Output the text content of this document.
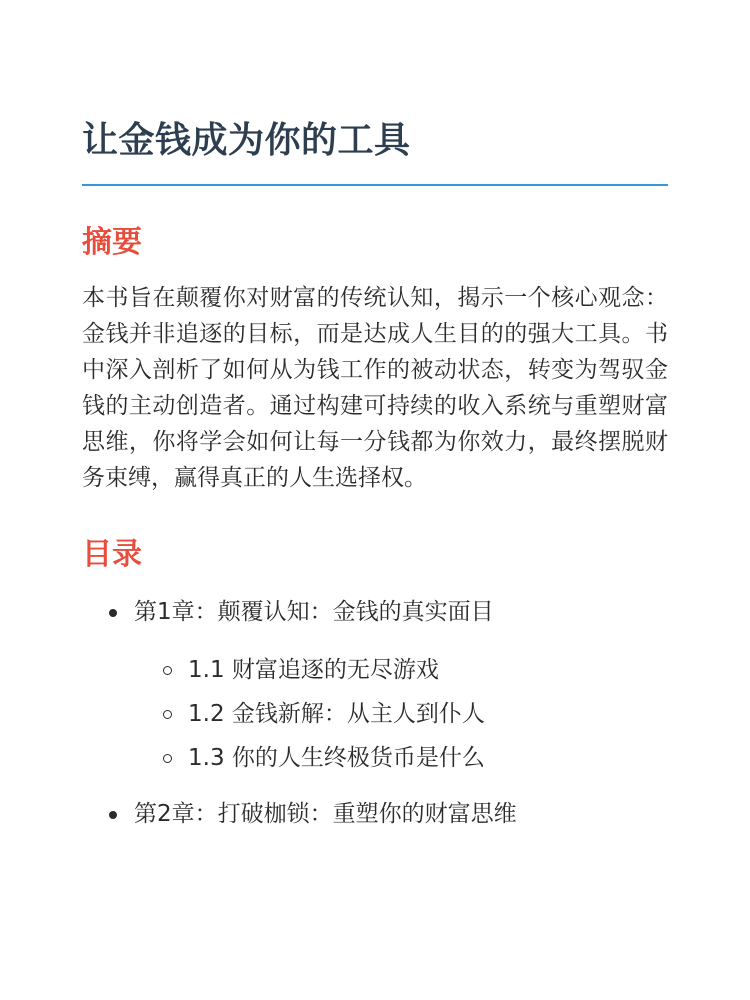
让金钱成为你的工具
摘要

本书旨在颠覆你对财富的传统认知，揭示一个核心观念：金钱并非追逐的目标，而是达成人生目的的强大工具。书中深入剖析了如何从为钱工作的被动状态，转变为驾驭金钱的主动创造者。通过构建可持续的收入系统与重塑财富思维，你将学会如何让每一分钱都为你效力，最终摆脱财务束缚，赢得真正的人生选择权。

目录
第1章：颠覆认知：金钱的真实面目
1.1 财富追逐的无尽游戏
1.2 金钱新解：从主人到仆人
1.3 你的人生终极货币是什么
第2章：打破枷锁：重塑你的财富思维
